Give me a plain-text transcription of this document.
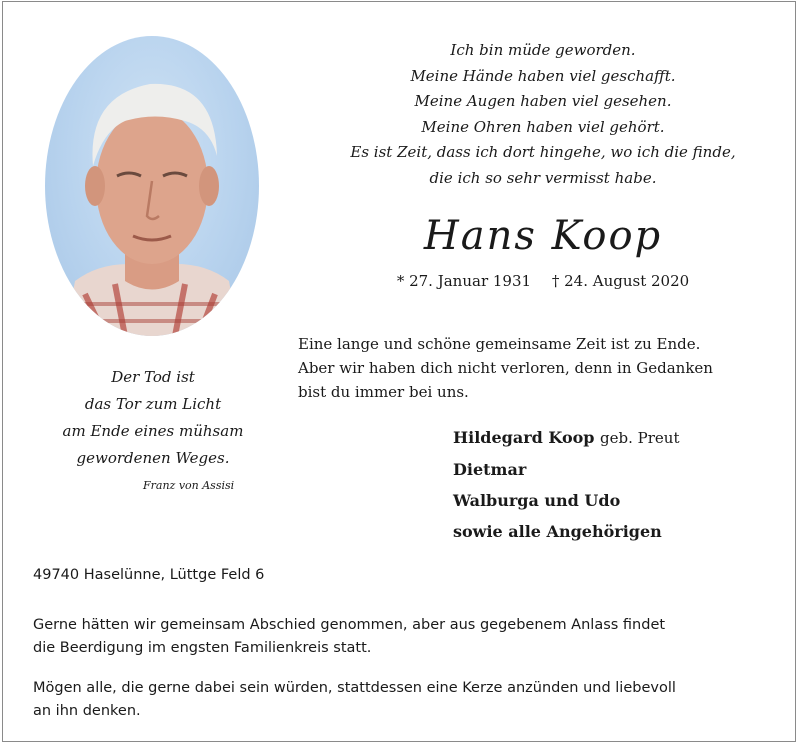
Ich bin müde geworden.
Meine Hände haben viel geschafft.
Meine Augen haben viel gesehen.
Meine Ohren haben viel gehört.
Es ist Zeit, dass ich dort hingehe, wo ich die finde,
die ich so sehr vermisst habe.
Hans Koop
* 27. Januar 1931 † 24. August 2020
Eine lange und schöne gemeinsame Zeit ist zu Ende.
Aber wir haben dich nicht verloren, denn in Gedanken
bist du immer bei uns.
Der Tod ist
das Tor zum Licht
am Ende eines mühsam
gewordenen Weges.
Franz von Assisi
Hildegard Koop geb. Preut
Dietmar
Walburga und Udo
sowie alle Angehörigen
49740 Haselünne, Lüttge Feld 6
Gerne hätten wir gemeinsam Abschied genommen, aber aus gegebenem Anlass findet
die Beerdigung im engsten Familienkreis statt.
Mögen alle, die gerne dabei sein würden, stattdessen eine Kerze anzünden und liebevoll
an ihn denken.
